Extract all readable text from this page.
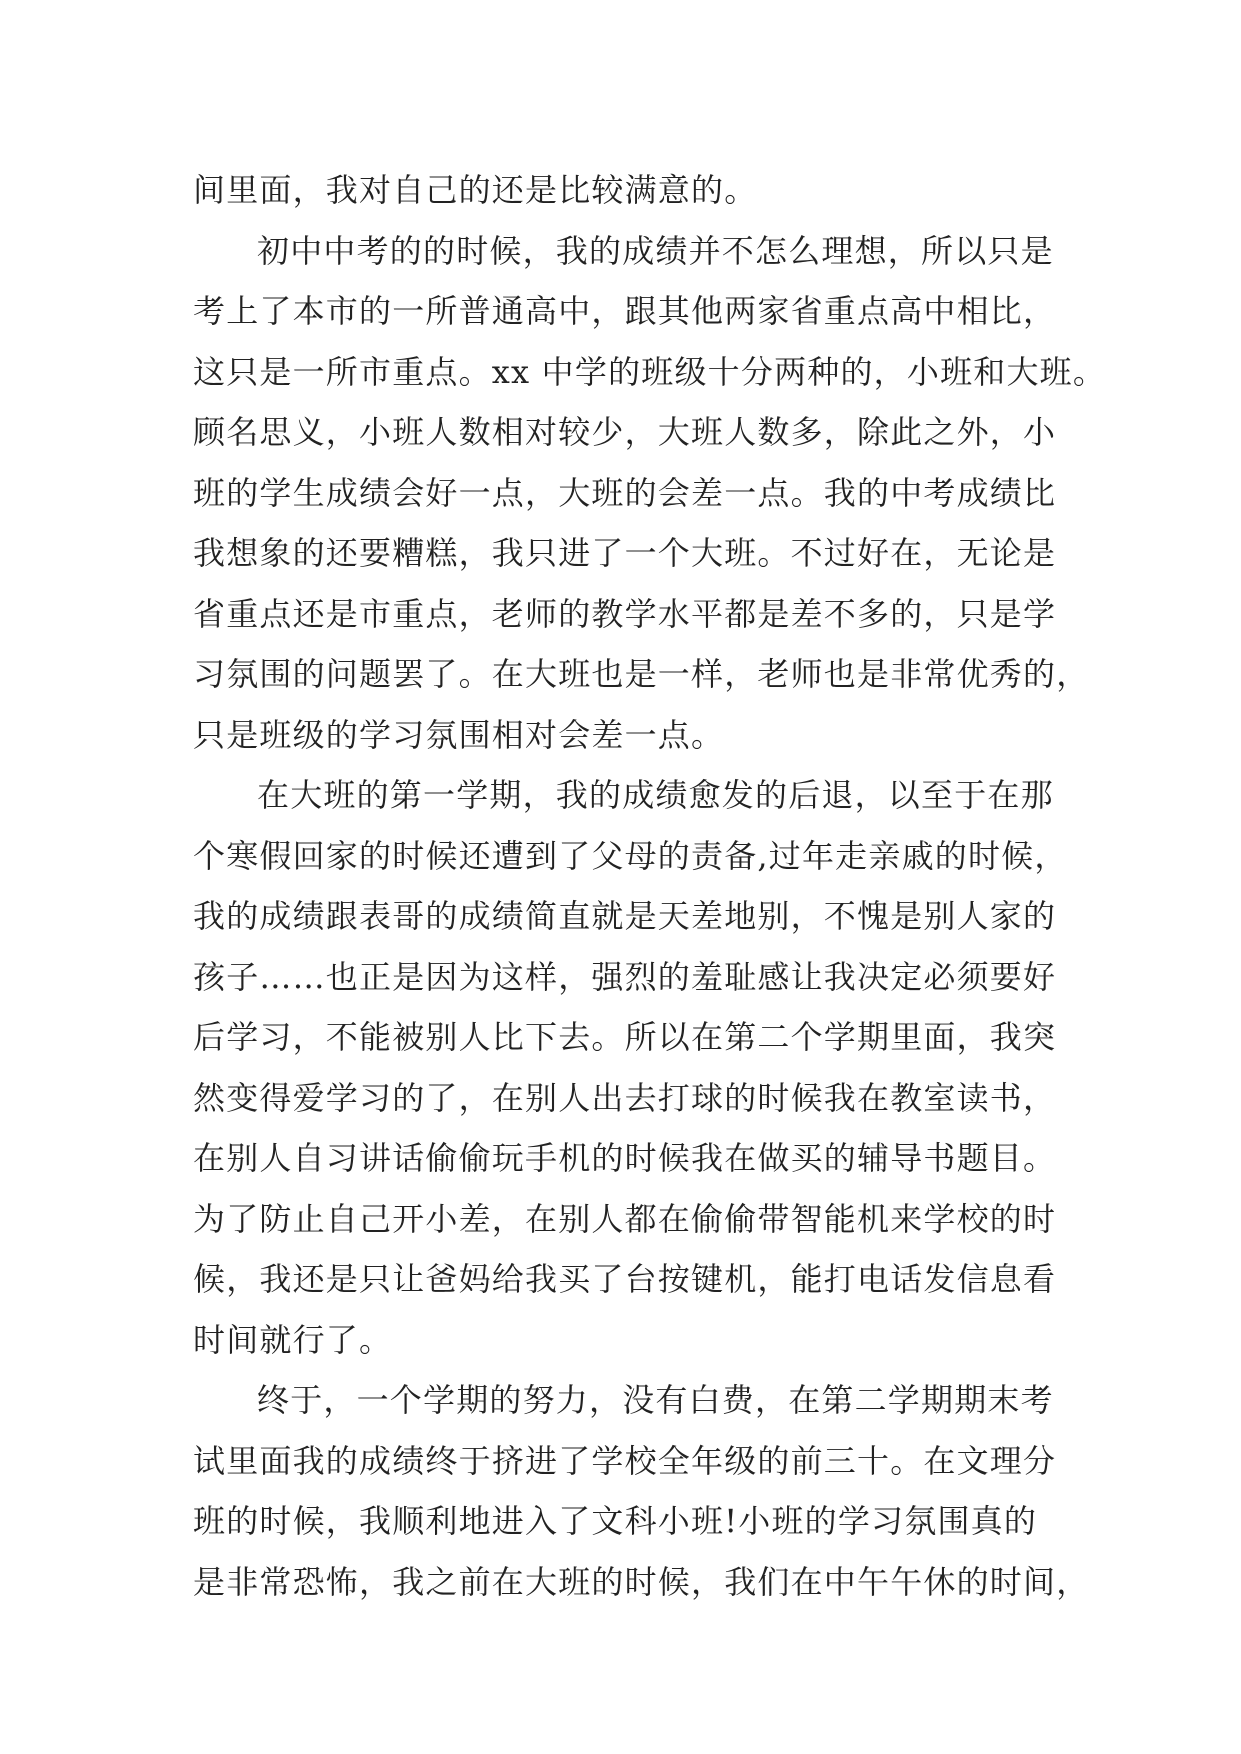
间里面，我对自己的还是比较满意的。
初中中考的的时候，我的成绩并不怎么理想，所以只是
考上了本市的一所普通高中，跟其他两家省重点高中相比，
这只是一所市重点。xx 中学的班级十分两种的，小班和大班。
顾名思义，小班人数相对较少，大班人数多，除此之外，小
班的学生成绩会好一点，大班的会差一点。我的中考成绩比
我想象的还要糟糕，我只进了一个大班。不过好在，无论是
省重点还是市重点，老师的教学水平都是差不多的，只是学
习氛围的问题罢了。在大班也是一样，老师也是非常优秀的，
只是班级的学习氛围相对会差一点。
在大班的第一学期，我的成绩愈发的后退，以至于在那
个寒假回家的时候还遭到了父母的责备,过年走亲戚的时候，
我的成绩跟表哥的成绩简直就是天差地别，不愧是别人家的
孩子……也正是因为这样，强烈的羞耻感让我决定必须要好
后学习，不能被别人比下去。所以在第二个学期里面，我突
然变得爱学习的了，在别人出去打球的时候我在教室读书，
在别人自习讲话偷偷玩手机的时候我在做买的辅导书题目。
为了防止自己开小差，在别人都在偷偷带智能机来学校的时
候，我还是只让爸妈给我买了台按键机，能打电话发信息看
时间就行了。
终于，一个学期的努力，没有白费，在第二学期期末考
试里面我的成绩终于挤进了学校全年级的前三十。在文理分
班的时候，我顺利地进入了文科小班!小班的学习氛围真的
是非常恐怖，我之前在大班的时候，我们在中午午休的时间，
